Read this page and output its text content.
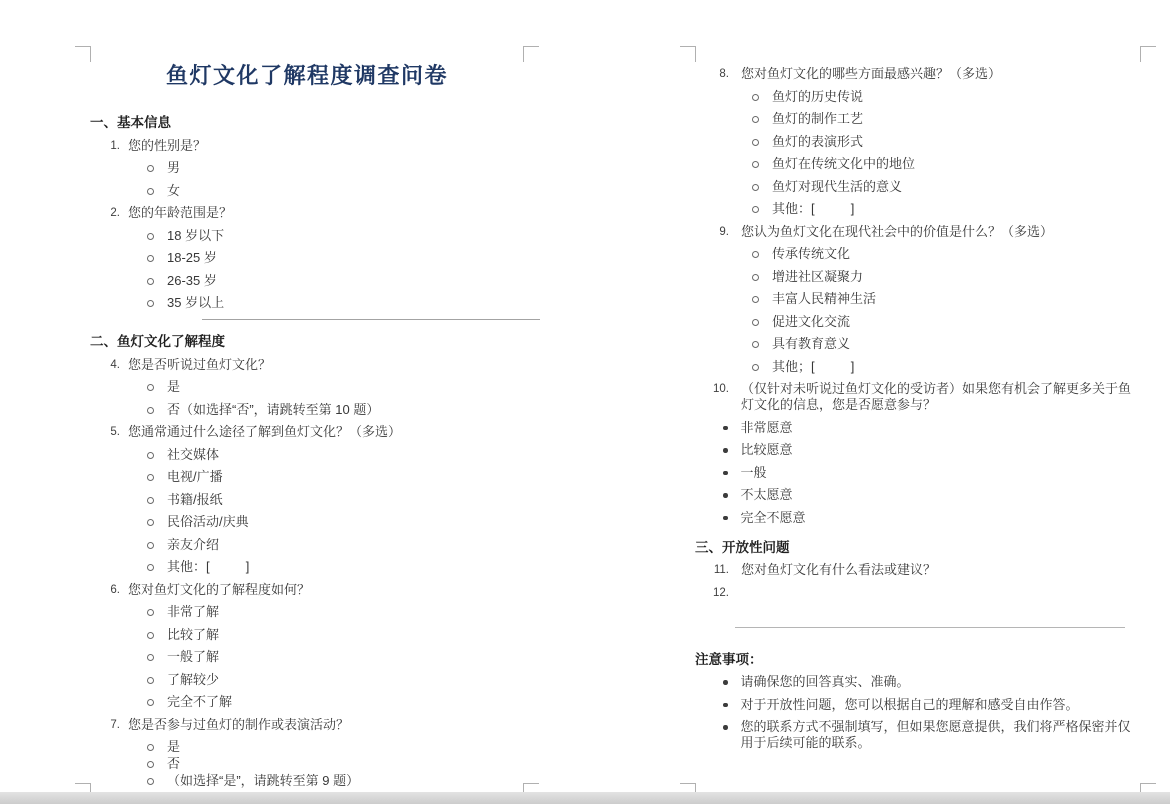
鱼灯文化了解程度调查问卷
一、基本信息
1. 您的性别是？
男
女
2. 您的年龄范围是？
18 岁以下
18-25 岁
26-35 岁
35 岁以上
二、鱼灯文化了解程度
4. 您是否听说过鱼灯文化？
是
否（如选择“否”，请跳转至第 10 题）
5. 您通常通过什么途径了解到鱼灯文化？（多选）
社交媒体
电视/广播
书籍/报纸
民俗活动/庆典
亲友介绍
其他：[          ]
6. 您对鱼灯文化的了解程度如何？
非常了解
比较了解
一般了解
了解较少
完全不了解
7. 您是否参与过鱼灯的制作或表演活动？
是
否
（如选择“是”，请跳转至第 9 题）
8. 您对鱼灯文化的哪些方面最感兴趣？（多选）
鱼灯的历史传说
鱼灯的制作工艺
鱼灯的表演形式
鱼灯在传统文化中的地位
鱼灯对现代生活的意义
其他：[          ]
9. 您认为鱼灯文化在现代社会中的价值是什么？（多选）
传承传统文化
增进社区凝聚力
丰富人民精神生活
促进文化交流
具有教育意义
其他；[          ]
10. （仅针对未听说过鱼灯文化的受访者）如果您有机会了解更多关于鱼灯文化的信息，您是否愿意参与？
非常愿意
比较愿意
一般
不太愿意
完全不愿意
三、开放性问题
11. 您对鱼灯文化有什么看法或建议？
12.
注意事项：
请确保您的回答真实、准确。
对于开放性问题，您可以根据自己的理解和感受自由作答。
您的联系方式不强制填写，但如果您愿意提供，我们将严格保密并仅用于后续可能的联系。
